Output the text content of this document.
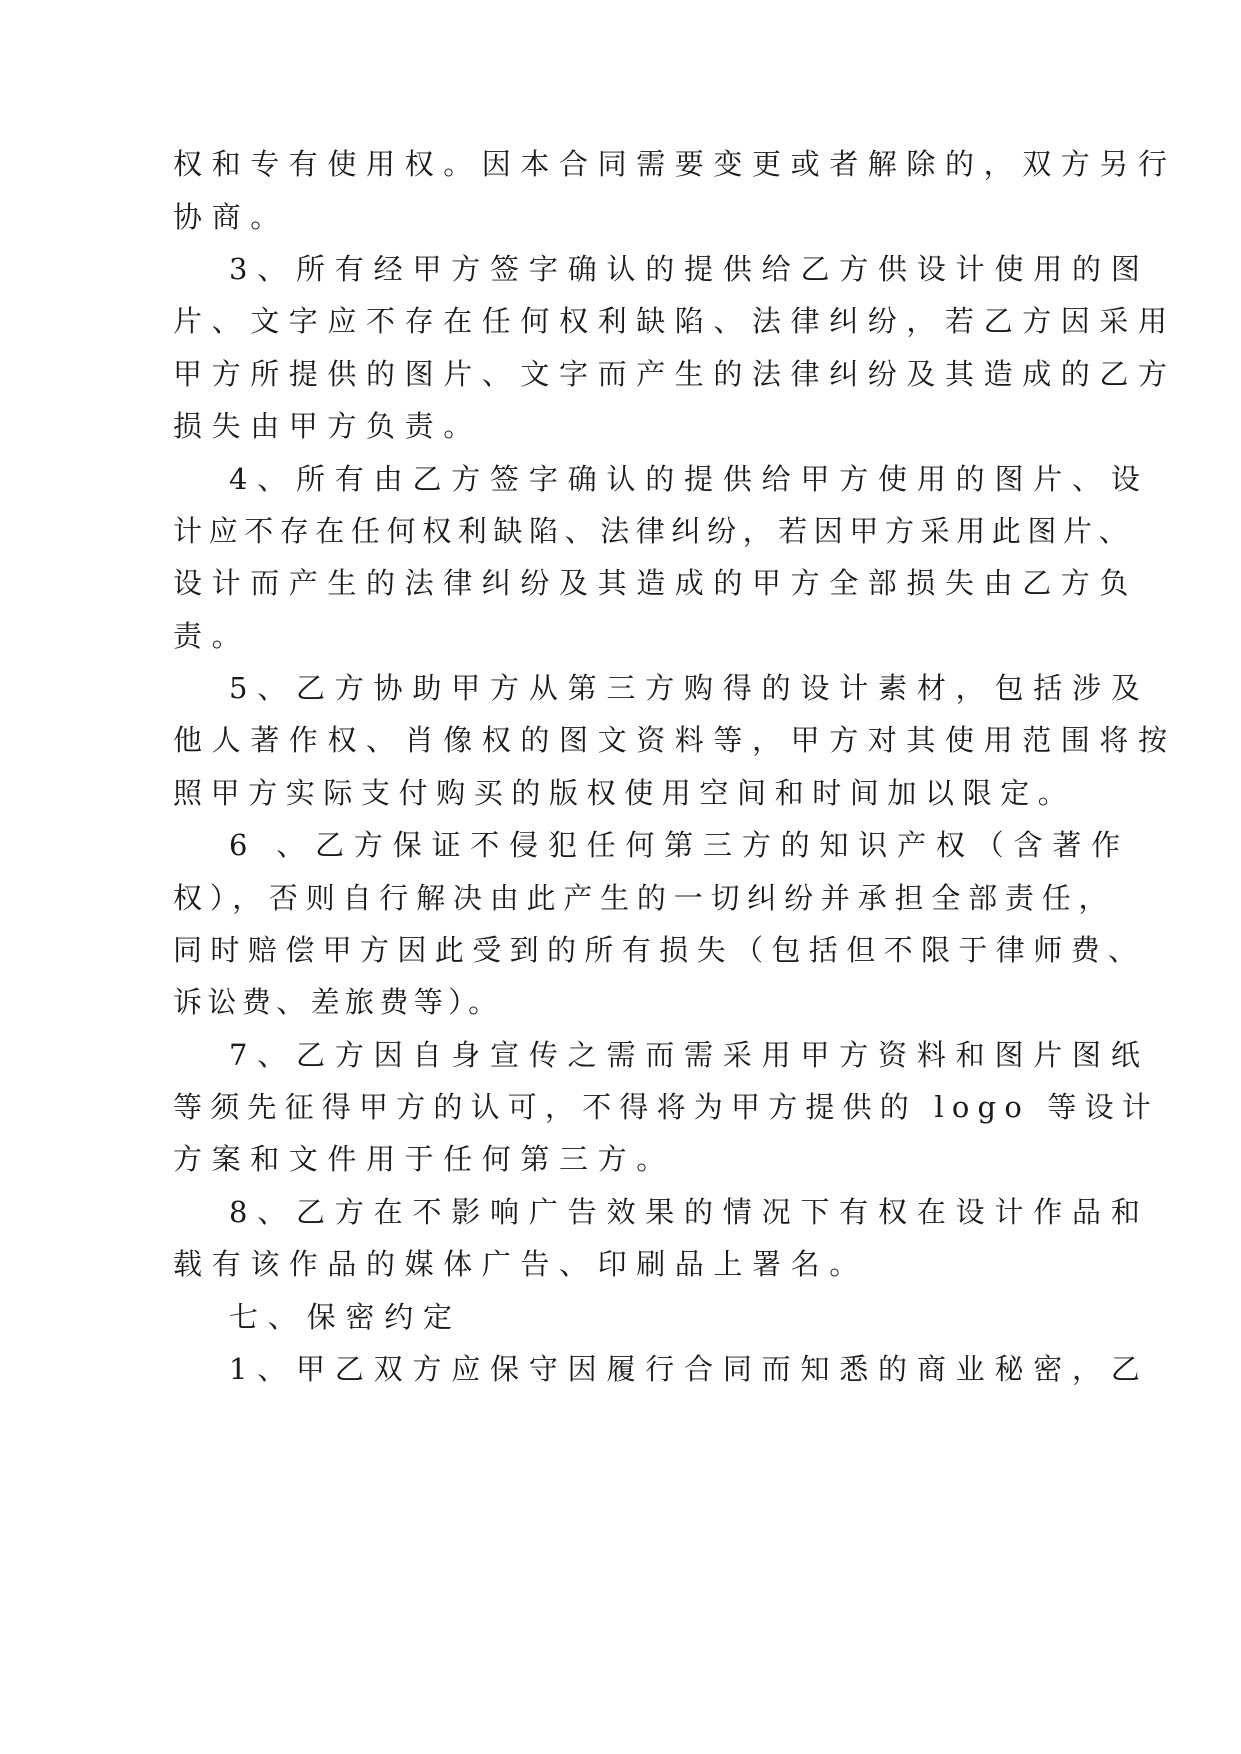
权和专有使用权。因本合同需要变更或者解除的，双方另行
协商。
3、所有经甲方签字确认的提供给乙方供设计使用的图
片、文字应不存在任何权利缺陷、法律纠纷，若乙方因采用
甲方所提供的图片、文字而产生的法律纠纷及其造成的乙方
损失由甲方负责。
4、所有由乙方签字确认的提供给甲方使用的图片、设
计应不存在任何权利缺陷、法律纠纷，若因甲方采用此图片、
设计而产生的法律纠纷及其造成的甲方全部损失由乙方负
责。
5、乙方协助甲方从第三方购得的设计素材，包括涉及
他人著作权、肖像权的图文资料等，甲方对其使用范围将按
照甲方实际支付购买的版权使用空间和时间加以限定。
6 、乙方保证不侵犯任何第三方的知识产权（含著作
权），否则自行解决由此产生的一切纠纷并承担全部责任，
同时赔偿甲方因此受到的所有损失（包括但不限于律师费、
诉讼费、差旅费等）。
7、乙方因自身宣传之需而需采用甲方资料和图片图纸
等须先征得甲方的认可，不得将为甲方提供的 logo 等设计
方案和文件用于任何第三方。
8、乙方在不影响广告效果的情况下有权在设计作品和
载有该作品的媒体广告、印刷品上署名。
七、保密约定
1、甲乙双方应保守因履行合同而知悉的商业秘密，乙
